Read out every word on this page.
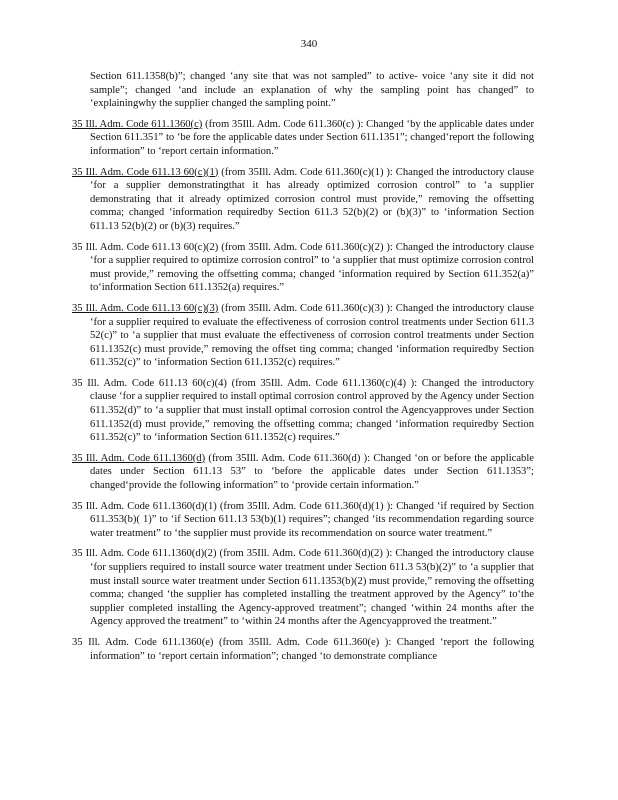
340

Section 611.1358(b)”; changed ‘any site that was not sampled” to active- voice ‘any site it did not sample”; changed ‘and include an explanation of why the sampling point has changed” to ‘explainingwhy the supplier changed the sampling point.”

35 Ill. Adm. Code 611.1360(c) (from 35Ill. Adm. Code 611.360(c) ): Changed ‘by the applicable dates under Section 611.351” to ‘be fore the applicable dates under Section 611.1351”; changed‘report the following information” to ‘report certain information.”

35 Ill. Adm. Code 611.13 60(c)(1) (from 35Ill. Adm. Code 611.360(c)(1) ): Changed the introductory clause ‘for a supplier demonstratingthat it has already optimized corrosion control” to ‘a supplier demonstrating that it already optimized corrosion control must provide,” removing the offsetting comma; changed ‘information requiredby Section 611.3 52(b)(2) or (b)(3)” to ‘information Section 611.13 52(b)(2) or (b)(3) requires.”

35 Ill. Adm. Code 611.13 60(c)(2) (from 35Ill. Adm. Code 611.360(c)(2) ): Changed the introductory clause ‘for a supplier required to optimize corrosion control” to ‘a supplier that must optimize corrosion control must provide,” removing the offsetting comma; changed ‘information required by Section 611.352(a)” to‘information Section 611.1352(a) requires.”

35 Ill. Adm. Code 611.13 60(c)(3) (from 35Ill. Adm. Code 611.360(c)(3) ): Changed the introductory clause ‘for a supplier required to evaluate the effectiveness of corrosion control treatments under Section 611.3 52(c)” to ‘a supplier that must evaluate the effectiveness of corrosion control treatments under Section 611.1352(c) must provide,” removing the offset ting comma; changed ‘information requiredby Section 611.352(c)” to ‘information Section 611.1352(c) requires.”

35 Ill. Adm. Code 611.13 60(c)(4) (from 35Ill. Adm. Code 611.1360(c)(4) ): Changed the introductory clause ‘for a supplier required to install optimal corrosion control approved by the Agency under Section 611.352(d)” to ‘a supplier that must install optimal corrosion control the Agencyapproves under Section 611.1352(d) must provide,” removing the offsetting comma; changed ‘information requiredby Section 611.352(c)” to ‘information Section 611.1352(c) requires.”

35 Ill. Adm. Code 611.1360(d) (from 35Ill. Adm. Code 611.360(d) ): Changed ‘on or before the applicable dates under Section 611.13 53” to ‘before the applicable dates under Section 611.1353”; changed‘provide the following information” to ‘provide certain information.”

35 Ill. Adm. Code 611.1360(d)(1) (from 35Ill. Adm. Code 611.360(d)(1) ): Changed ‘if required by Section 611.353(b)( 1)” to ‘if Section 611.13 53(b)(1) requires”; changed ‘its recommendation regarding source water treatment” to ‘the supplier must provide its recommendation on source water treatment.”

35 Ill. Adm. Code 611.1360(d)(2) (from 35Ill. Adm. Code 611.360(d)(2) ): Changed the introductory clause ‘for suppliers required to install source water treatment under Section 611.3 53(b)(2)” to ‘a supplier that must install source water treatment under Section 611.1353(b)(2) must provide,” removing the offsetting comma; changed ‘the supplier has completed installing the treatment approved by the Agency” to‘the supplier completed installing the Agency-approved treatment”; changed ‘within 24 months after the Agency approved the treatment” to ‘within 24 months after the Agencyapproved the treatment.”

35 Ill. Adm. Code 611.1360(e) (from 35Ill. Adm. Code 611.360(e) ): Changed ‘report the following information” to ‘report certain information”; changed ‘to demonstrate compliance
